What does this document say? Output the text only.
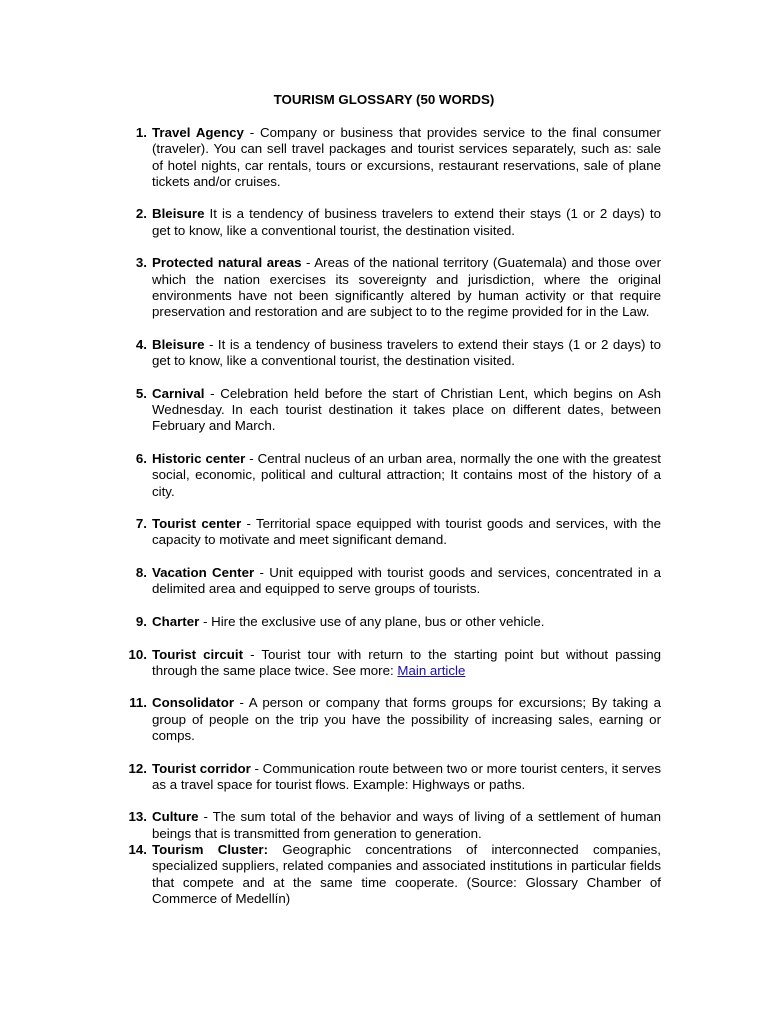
TOURISM GLOSSARY (50 WORDS)
1. Travel Agency - Company or business that provides service to the final consumer (traveler). You can sell travel packages and tourist services separately, such as: sale of hotel nights, car rentals, tours or excursions, restaurant reservations, sale of plane tickets and/or cruises.
2. Bleisure It is a tendency of business travelers to extend their stays (1 or 2 days) to get to know, like a conventional tourist, the destination visited.
3. Protected natural areas - Areas of the national territory (Guatemala) and those over which the nation exercises its sovereignty and jurisdiction, where the original environments have not been significantly altered by human activity or that require preservation and restoration and are subject to to the regime provided for in the Law.
4. Bleisure - It is a tendency of business travelers to extend their stays (1 or 2 days) to get to know, like a conventional tourist, the destination visited.
5. Carnival - Celebration held before the start of Christian Lent, which begins on Ash Wednesday. In each tourist destination it takes place on different dates, between February and March.
6. Historic center - Central nucleus of an urban area, normally the one with the greatest social, economic, political and cultural attraction; It contains most of the history of a city.
7. Tourist center - Territorial space equipped with tourist goods and services, with the capacity to motivate and meet significant demand.
8. Vacation Center - Unit equipped with tourist goods and services, concentrated in a delimited area and equipped to serve groups of tourists.
9. Charter - Hire the exclusive use of any plane, bus or other vehicle.
10. Tourist circuit - Tourist tour with return to the starting point but without passing through the same place twice. See more: Main article
11. Consolidator - A person or company that forms groups for excursions; By taking a group of people on the trip you have the possibility of increasing sales, earning or comps.
12. Tourist corridor - Communication route between two or more tourist centers, it serves as a travel space for tourist flows. Example: Highways or paths.
13. Culture - The sum total of the behavior and ways of living of a settlement of human beings that is transmitted from generation to generation.
14. Tourism Cluster: Geographic concentrations of interconnected companies, specialized suppliers, related companies and associated institutions in particular fields that compete and at the same time cooperate. (Source: Glossary Chamber of Commerce of Medellín)
